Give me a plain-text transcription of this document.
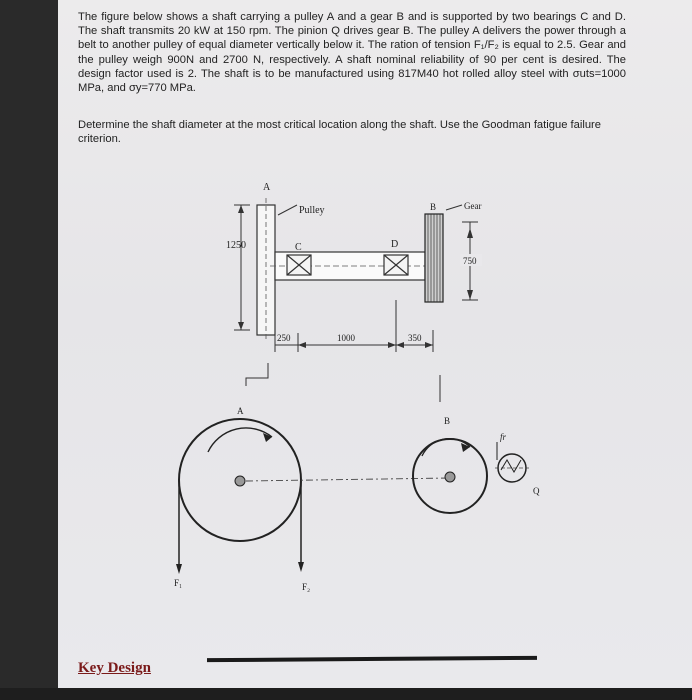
The figure below shows a shaft carrying a pulley A and a gear B and is supported by two bearings C and D. The shaft transmits 20 kW at 150 rpm. The pinion Q drives gear B. The pulley A delivers the power through a belt to another pulley of equal diameter vertically below it. The ration of tension F₁/F₂ is equal to 2.5. Gear and the pulley weigh 900N and 2700 N, respectively. A shaft nominal reliability of 90 per cent is desired. The design factor used is 2. The shaft is to be manufactured using 817M40 hot rolled alloy steel with σuts=1000 MPa, and σy=770 MPa.

Determine the shaft diameter at the most critical location along the shaft. Use the Goodman fatigue failure criterion.

1250
A
Pulley
C	D
B	Gear
750
250	1000	350
A
F₁	F₂
B
fr
Q
Key Design
